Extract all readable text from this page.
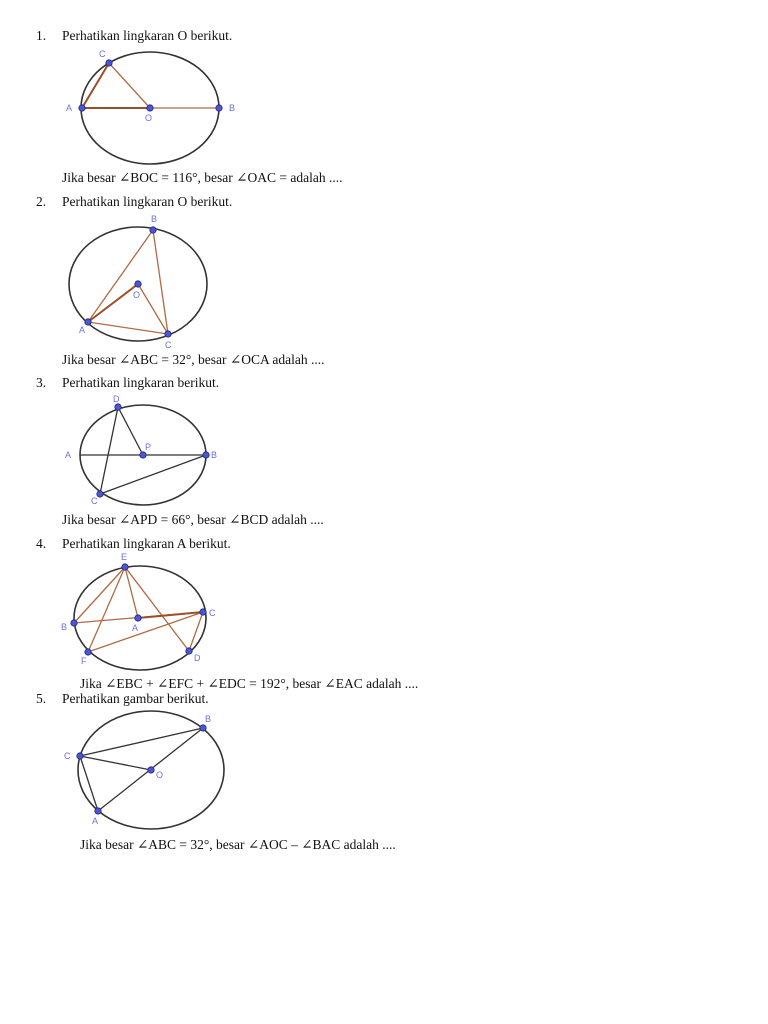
1. Perhatikan lingkaran O berikut.
C
A
O
B
Jika besar ∠BOC = 116°, besar ∠OAC = adalah ....
2. Perhatikan lingkaran O berikut.
B
O
A
C
Jika besar ∠ABC = 32°, besar ∠OCA adalah ....
3. Perhatikan lingkaran berikut.
D
A
P
B
C
Jika besar ∠APD = 66°, besar ∠BCD adalah ....
4. Perhatikan lingkaran A berikut.
E
C
B	A
F	D
Jika ∠EBC + ∠EFC + ∠EDC = 192°, besar ∠EAC adalah ....
5. Perhatikan gambar berikut.
B
C
O
A
Jika besar ∠ABC = 32°, besar ∠AOC – ∠BAC adalah ....
